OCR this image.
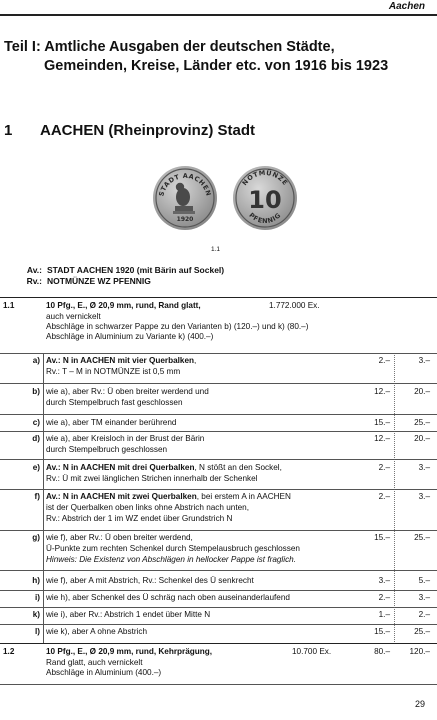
Aachen
Teil I: Amtliche Ausgaben der deutschen Städte,
Gemeinden, Kreise, Länder etc. von 1916 bis 1923
1 AACHEN (Rheinprovinz) Stadt
STADT AACHEN
1920
NOTMÜNZE
10
PFENNIG
1.1
Av.: STADT AACHEN 1920 (mit Bärin auf Sockel)
Rv.: NOTMÜNZE WZ PFENNIG
1.1	10 Pfg., E., Ø 20,9 mm, rund, Rand glatt,	1.772.000 Ex.
auch vernickelt
Abschläge in schwarzer Pappe zu den Varianten b) (120.–) und k) (80.–)
Abschläge in Aluminium zu Variante k) (400.–)
a) Av.: N in AACHEN mit vier Querbalken,
Rv.: T – M in NOTMÜNZE ist 0,5 mm
2.–	3.–
b) wie a), aber Rv.: Ü oben breiter werdend und
durch Stempelbruch fast geschlossen
12.–	20.–
c) wie a), aber TM einander berührend	15.–	25.–
d) wie a), aber Kreisloch in der Brust der Bärin
durch Stempelbruch geschlossen
12.–	20.–
e) Av.: N in AACHEN mit drei Querbalken, N stößt an den Sockel,
Rv.: Ü mit zwei länglichen Strichen innerhalb der Schenkel
2.–	3.–
f) Av.: N in AACHEN mit zwei Querbalken, bei erstem A in AACHEN
ist der Querbalken oben links ohne Abstrich nach unten,
Rv.: Abstrich der 1 im WZ endet über Grundstrich N
2.–	3.–
g) wie f), aber Rv.: Ü oben breiter werdend,
Ü-Punkte zum rechten Schenkel durch Stempelausbruch geschlossen
Hinweis: Die Existenz von Abschlägen in hellocker Pappe ist fraglich.
15.–	25.–
h) wie f), aber A mit Abstrich, Rv.: Schenkel des Ü senkrecht	3.–	5.–
i) wie h), aber Schenkel des Ü schräg nach oben auseinanderlaufend	2.–	3.–
k) wie i), aber Rv.: Abstrich 1 endet über Mitte N	1.–	2.–
l) wie k), aber A ohne Abstrich	15.–	25.–
1.2	10 Pfg., E., Ø 20,9 mm, rund, Kehrprägung,	10.700 Ex.
Rand glatt, auch vernickelt
Abschläge in Aluminium (400.–)
80.–	120.–
29
